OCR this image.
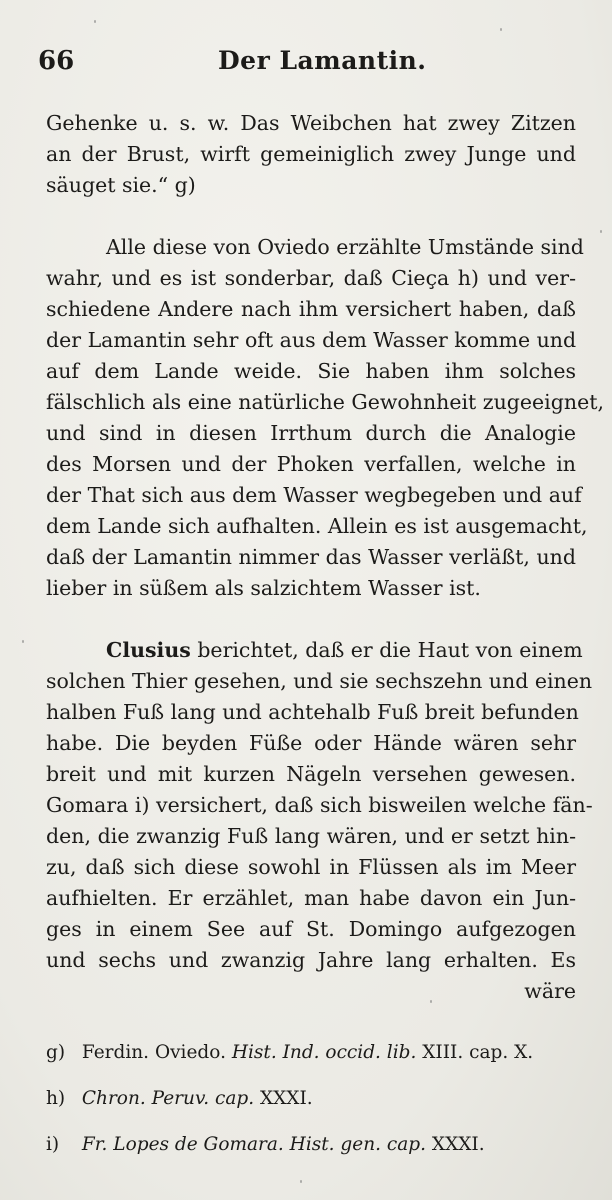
66	Der Lamantin.
Gehenke u. s. w. Das Weibchen hat zwey Zitzen
an der Brust, wirft gemeiniglich zwey Junge und
säuget sie.“ g)
Alle diese von Oviedo erzählte Umstände sind
wahr, und es ist sonderbar, daß Cieça h) und ver-
schiedene Andere nach ihm versichert haben, daß
der Lamantin sehr oft aus dem Wasser komme und
auf dem Lande weide. Sie haben ihm solches
fälschlich als eine natürliche Gewohnheit zugeeignet,
und sind in diesen Irrthum durch die Analogie
des Morsen und der Phoken verfallen, welche in
der That sich aus dem Wasser wegbegeben und auf
dem Lande sich aufhalten. Allein es ist ausgemacht,
daß der Lamantin nimmer das Wasser verläßt, und
lieber in süßem als salzichtem Wasser ist.
Clusius berichtet, daß er die Haut von einem
solchen Thier gesehen, und sie sechszehn und einen
halben Fuß lang und achtehalb Fuß breit befunden
habe. Die beyden Füße oder Hände wären sehr
breit und mit kurzen Nägeln versehen gewesen.
Gomara i) versichert, daß sich bisweilen welche fän-
den, die zwanzig Fuß lang wären, und er setzt hin-
zu, daß sich diese sowohl in Flüssen als im Meer
aufhielten. Er erzählet, man habe davon ein Jun-
ges in einem See auf St. Domingo aufgezogen
und sechs und zwanzig Jahre lang erhalten. Es
wäre
g) Ferdin. Oviedo. Hist. Ind. occid. lib. XIII. cap. X.
h) Chron. Peruv. cap. XXXI.
i) Fr. Lopes de Gomara. Hist. gen. cap. XXXI.
